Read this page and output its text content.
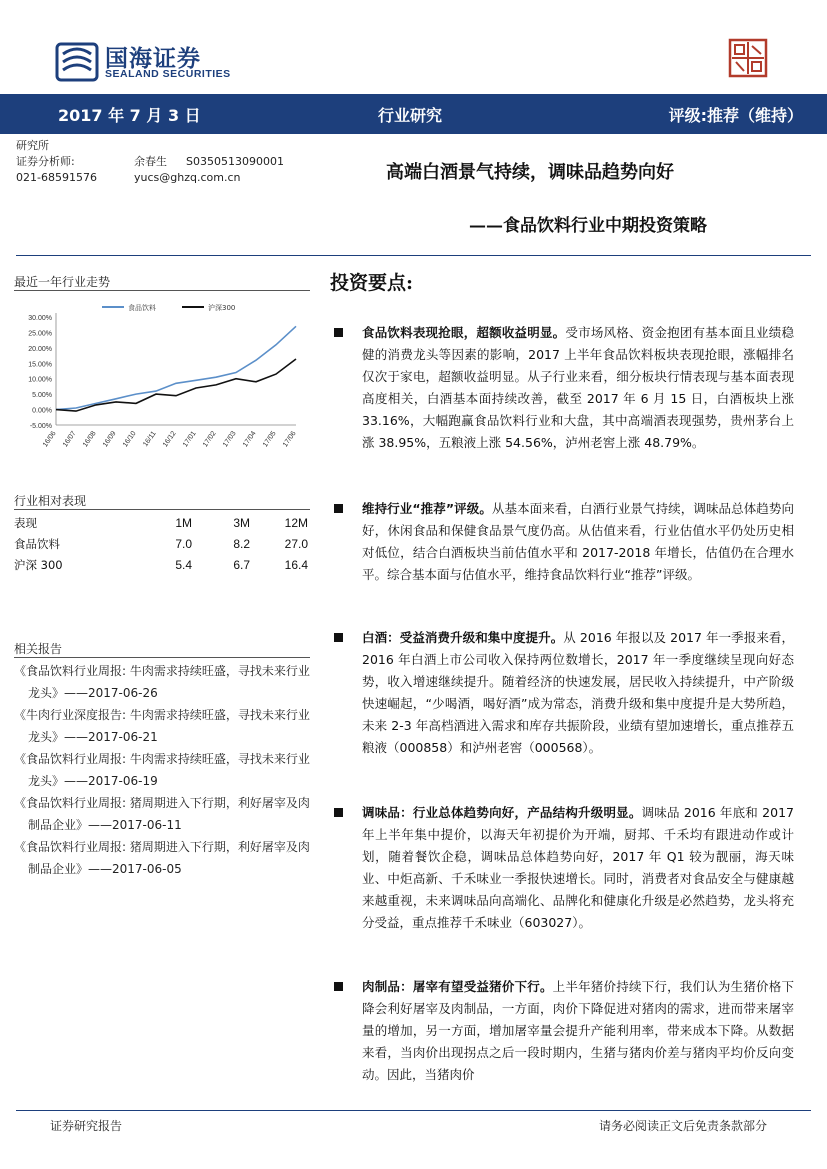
国海证券
SEALAND SECURITIES
2017 年 7 月 3 日	行业研究	评级:推荐（维持）
研究所
证券分析师:	余春生	S0350513090001
021-68591576	yucs@ghzq.com.cn	高端白酒景气持续，调味品趋势向好
——食品饮料行业中期投资策略
最近一年行业走势
30.00%
25.00%
20.00%
15.00%
10.00%
5.00%
0.00%
-5.00%
16/06 16/07 16/08 16/09 16/10 16/11 16/12 17/01 17/02 17/03 17/04 17/05 17/06
食品饮料	沪深300
行业相对表现
表现	1M	3M	12M
食品饮料	7.0	8.2	27.0
沪深 300	5.4	6.7	16.4
相关报告
《食品饮料行业周报: 牛肉需求持续旺盛，寻找未来行业龙头》——2017-06-26
《牛肉行业深度报告: 牛肉需求持续旺盛，寻找未来行业龙头》——2017-06-21
《食品饮料行业周报: 牛肉需求持续旺盛，寻找未来行业龙头》——2017-06-19
《食品饮料行业周报: 猪周期进入下行期，利好屠宰及肉制品企业》——2017-06-11
《食品饮料行业周报: 猪周期进入下行期，利好屠宰及肉制品企业》——2017-06-05
投资要点:
食品饮料表现抢眼，超额收益明显。受市场风格、资金抱团有基本面且业绩稳健的消费龙头等因素的影响，2017 上半年食品饮料板块表现抢眼，涨幅排名仅次于家电，超额收益明显。从子行业来看，细分板块行情表现与基本面表现高度相关，白酒基本面持续改善，截至 2017 年 6 月 15 日，白酒板块上涨 33.16%，大幅跑赢食品饮料行业和大盘，其中高端酒表现强势，贵州茅台上涨 38.95%，五粮液上涨 54.56%，泸州老窖上涨 48.79%。
维持行业“推荐”评级。从基本面来看，白酒行业景气持续，调味品总体趋势向好，休闲食品和保健食品景气度仍高。从估值来看，行业估值水平仍处历史相对低位，结合白酒板块当前估值水平和 2017-2018 年增长，估值仍在合理水平。综合基本面与估值水平，维持食品饮料行业“推荐”评级。
白酒：受益消费升级和集中度提升。从 2016 年报以及 2017 年一季报来看，2016 年白酒上市公司收入保持两位数增长，2017 年一季度继续呈现向好态势，收入增速继续提升。随着经济的快速发展，居民收入持续提升，中产阶级快速崛起，“少喝酒，喝好酒”成为常态，消费升级和集中度提升是大势所趋，未来 2-3 年高档酒进入需求和库存共振阶段，业绩有望加速增长，重点推荐五粮液（000858）和泸州老窖（000568）。
调味品：行业总体趋势向好，产品结构升级明显。调味品 2016 年底和 2017 年上半年集中提价，以海天年初提价为开端，厨邦、千禾均有跟进动作或计划，随着餐饮企稳，调味品总体趋势向好，2017 年 Q1 较为靓丽，海天味业、中炬高新、千禾味业一季报快速增长。同时，消费者对食品安全与健康越来越重视，未来调味品向高端化、品牌化和健康化升级是必然趋势，龙头将充分受益，重点推荐千禾味业（603027）。
肉制品：屠宰有望受益猪价下行。上半年猪价持续下行，我们认为生猪价格下降会利好屠宰及肉制品，一方面，肉价下降促进对猪肉的需求，进而带来屠宰量的增加，另一方面，增加屠宰量会提升产能利用率，带来成本下降。从数据来看，当肉价出现拐点之后一段时期内，生猪与猪肉价差与猪肉平均价反向变动。因此，当猪肉价
证券研究报告	请务必阅读正文后免责条款部分
